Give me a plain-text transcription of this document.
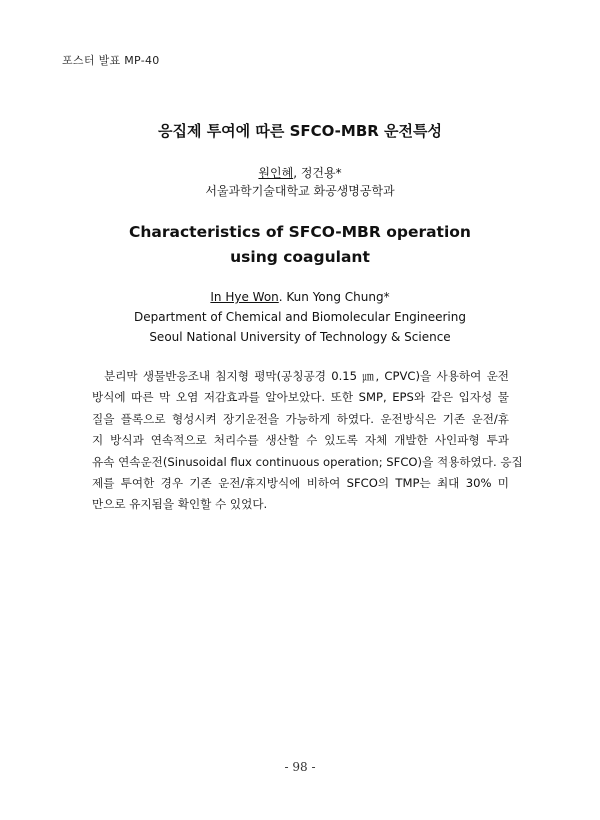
포스터 발표 MP-40
응집제 투여에 따른 SFCO-MBR 운전특성
원인혜, 정건용*
서울과학기술대학교 화공생명공학과
Characteristics of SFCO-MBR operation
using coagulant
In Hye Won. Kun Yong Chung*
Department of Chemical and Biomolecular Engineering
Seoul National University of Technology & Science
분리막 생물반응조내 침지형 평막(공칭공경 0.15 ㎛, CPVC)을 사용하여 운전
방식에 따른 막 오염 저감효과를 알아보았다. 또한 SMP, EPS와 같은 입자성 물
질을 플록으로 형성시켜 장기운전을 가능하게 하였다. 운전방식은 기존 운전/휴
지 방식과 연속적으로 처리수를 생산할 수 있도록 자체 개발한 사인파형 투과
유속 연속운전(Sinusoidal flux continuous operation; SFCO)을 적용하였다. 응집
제를 투여한 경우 기존 운전/휴지방식에 비하여 SFCO의 TMP는 최대 30% 미
만으로 유지됨을 확인할 수 있었다.
- 98 -
